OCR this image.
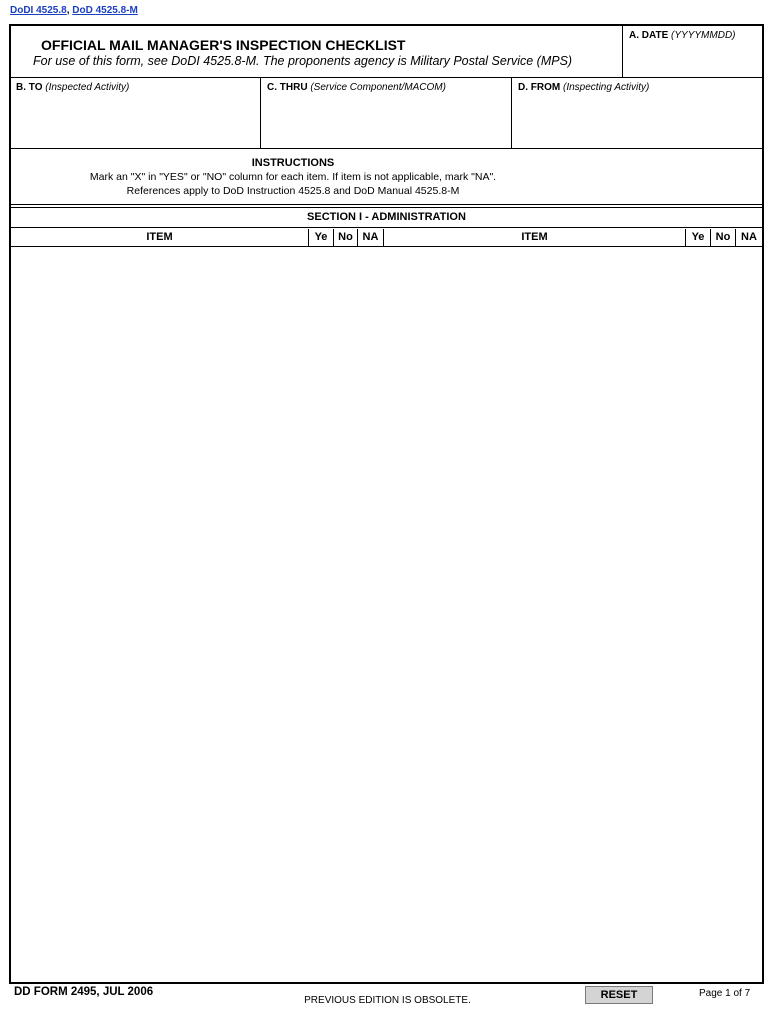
DoDI 4525.8, DoD 4525.8-M
OFFICIAL MAIL MANAGER'S INSPECTION CHECKLIST
For use of this form, see DoDI 4525.8-M. The proponents agency is Military Postal Service (MPS)
A. DATE (YYYYMMDD)
B. TO (Inspected Activity)	C. THRU (Service Component/MACOM)	D. FROM (Inspecting Activity)
INSTRUCTIONS
Mark an "X" in "YES" or "NO" column for each item. If item is not applicable, mark "NA".
References apply to DoD Instruction 4525.8 and DoD Manual 4525.8-M
SECTION I - ADMINISTRATION
ITEM	Ye No NA	ITEM	Ye	No NA
DD FORM 2495, JUL 2006
PREVIOUS EDITION IS OBSOLETE.	RESET	Page 1 of 7
